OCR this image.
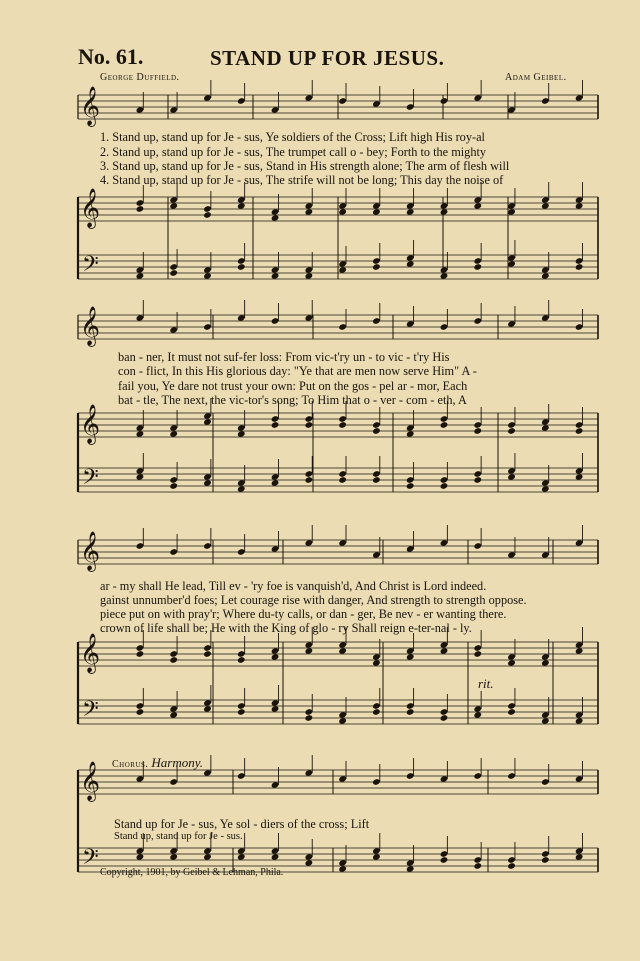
No. 61.	STAND UP FOR JESUS.
George Duffield.	Adam Geibel.
𝄞
𝄞
𝄢
𝄞
𝄞
𝄢
𝄞
𝄞
𝄢
𝄞
𝄢
1. Stand up, stand up for Je - sus, Ye soldiers of the Cross; Lift high His roy-al
2. Stand up, stand up for Je - sus, The trumpet call o - bey; Forth to the mighty
3. Stand up, stand up for Je - sus, Stand in His strength alone; The arm of flesh will
4. Stand up, stand up for Je - sus, The strife will not be long; This day the noise of
ban - ner, It must not suf-fer loss: From vic-t'ry un - to vic - t'ry His
con - flict, In this His glorious day: "Ye that are men now serve Him" A -
fail you, Ye dare not trust your own: Put on the gos - pel ar - mor, Each
bat - tle, The next, the vic-tor's song; To Him that o - ver - com - eth, A
ar - my shall He lead, Till ev - 'ry foe is vanquish'd, And Christ is Lord indeed.
gainst unnumber'd foes; Let courage rise with danger, And strength to strength oppose.
piece put on with pray'r; Where du-ty calls, or dan - ger, Be nev - er wanting there.
crown of life shall be; He with the King of glo - ry Shall reign e-ter-nal - ly.
rit.
Chorus. Harmony.
Stand up for Je - sus, Ye sol - diers of the cross; Lift
Stand up, stand up for Je - sus.
Copyright, 1901, by Geibel & Lehman, Phila.
